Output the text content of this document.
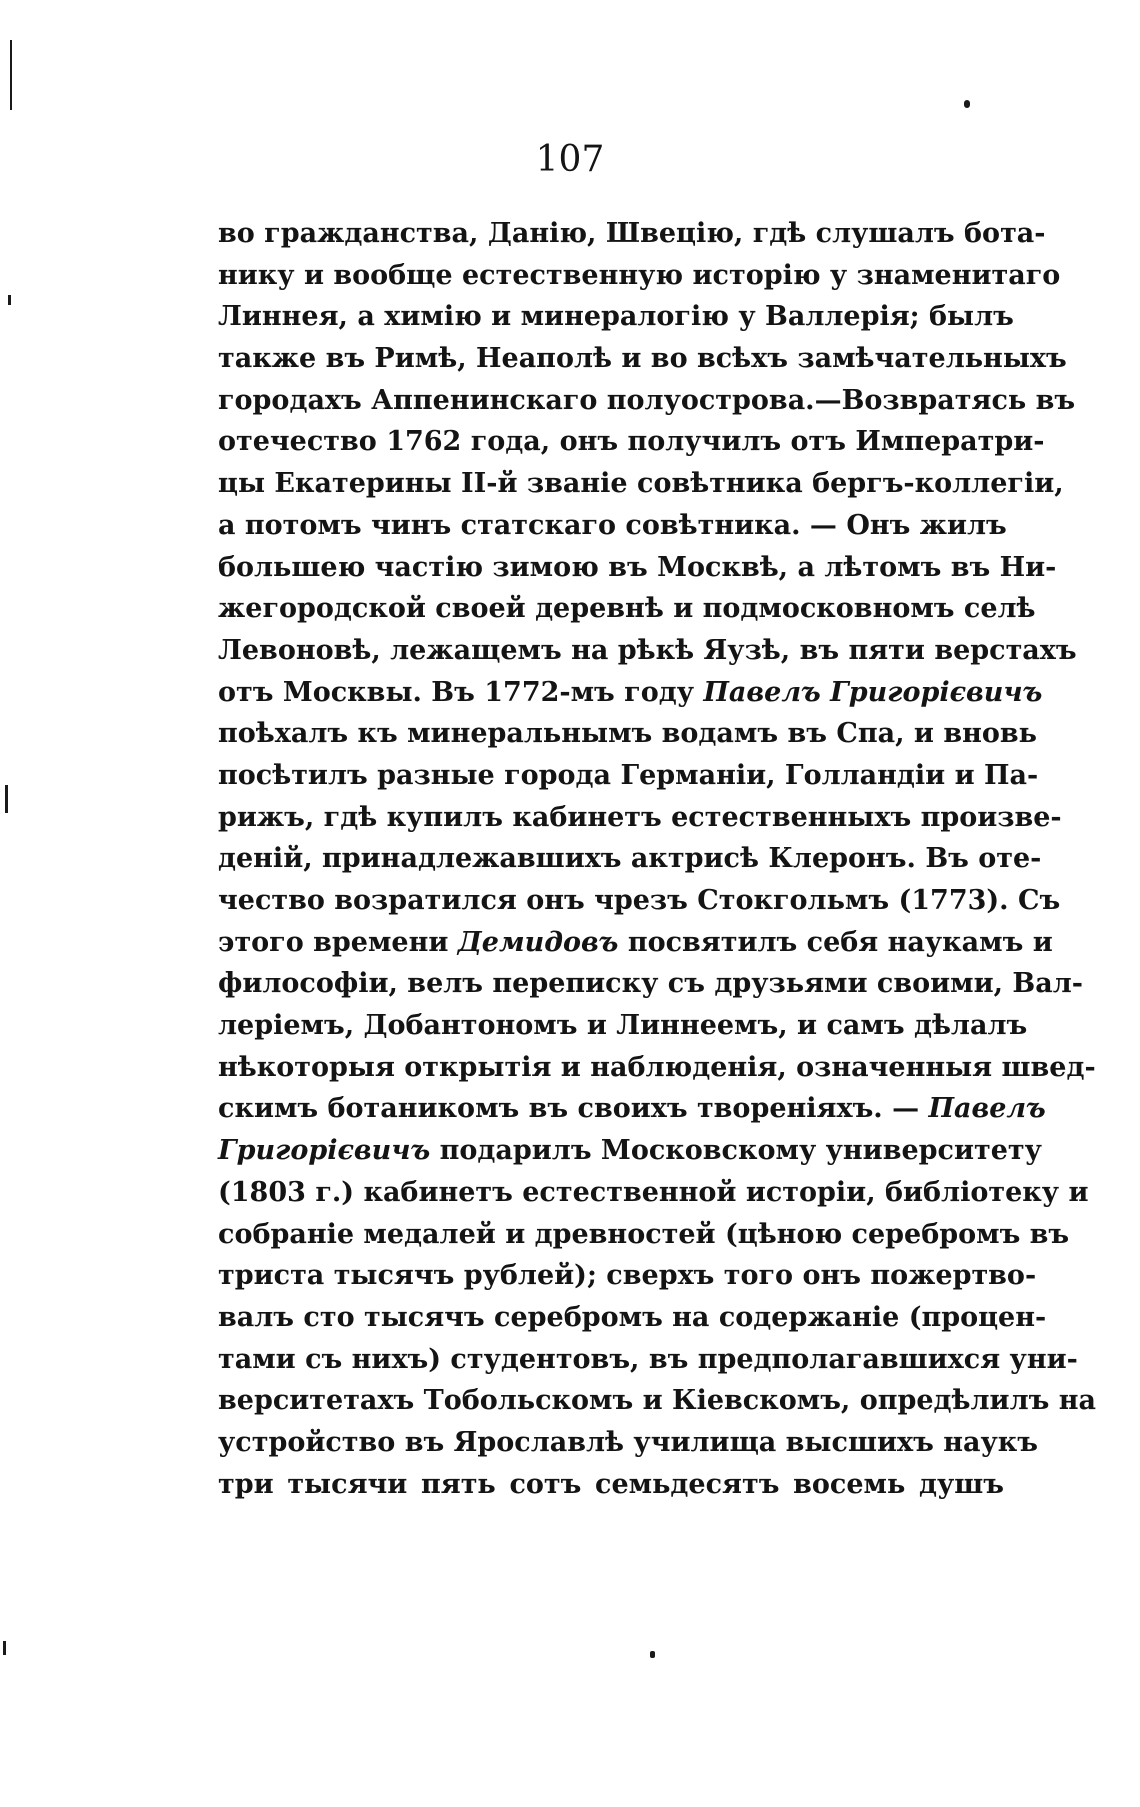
107
во гражданства, Данію, Швецію, гдѣ слушалъ бота-
нику и вообще естественную исторію у знаменитаго
Линнея, а химію и минералогію у Валлерія; былъ
также въ Римѣ, Неаполѣ и во всѣхъ замѣчательныхъ
городахъ Аппенинскаго полуострова.—Возвратясь въ
отечество 1762 года, онъ получилъ отъ Императри-
цы Екатерины II-й званіе совѣтника бергъ-коллегіи,
а потомъ чинъ статскаго совѣтника. — Онъ жилъ
большею частію зимою въ Москвѣ, а лѣтомъ въ Ни-
жегородской своей деревнѣ и подмосковномъ селѣ
Левоновѣ, лежащемъ на рѣкѣ Яузѣ, въ пяти верстахъ
отъ Москвы. Въ 1772-мъ году Павелъ Григорієвичъ
поѣхалъ къ минеральнымъ водамъ въ Спа, и вновь
посѣтилъ разные города Германіи, Голландіи и Па-
рижъ, гдѣ купилъ кабинетъ естественныхъ произве-
деній, принадлежавшихъ актрисѣ Клеронъ. Въ оте-
чество возратился онъ чрезъ Стокгольмъ (1773). Съ
этого времени Демидовъ посвятилъ себя наукамъ и
философіи, велъ переписку съ друзьями своими, Вал-
леріемъ, Добантономъ и Линнеемъ, и самъ дѣлалъ
нѣкоторыя открытія и наблюденія, означенныя швед-
скимъ ботаникомъ въ своихъ твореніяхъ. — Павелъ
Григорієвичъ подарилъ Московскому университету
(1803 г.) кабинетъ естественной исторіи, библіотеку и
собраніе медалей и древностей (цѣною серебромъ въ
триста тысячъ рублей); сверхъ того онъ пожертво-
валъ сто тысячъ серебромъ на содержаніе (процен-
тами съ нихъ) студентовъ, въ предполагавшихся уни-
верситетахъ Тобольскомъ и Кіевскомъ, опредѣлилъ на
устройство въ Ярославлѣ училища высшихъ наукъ
три тысячи пять сотъ семьдесятъ восемь душъ
